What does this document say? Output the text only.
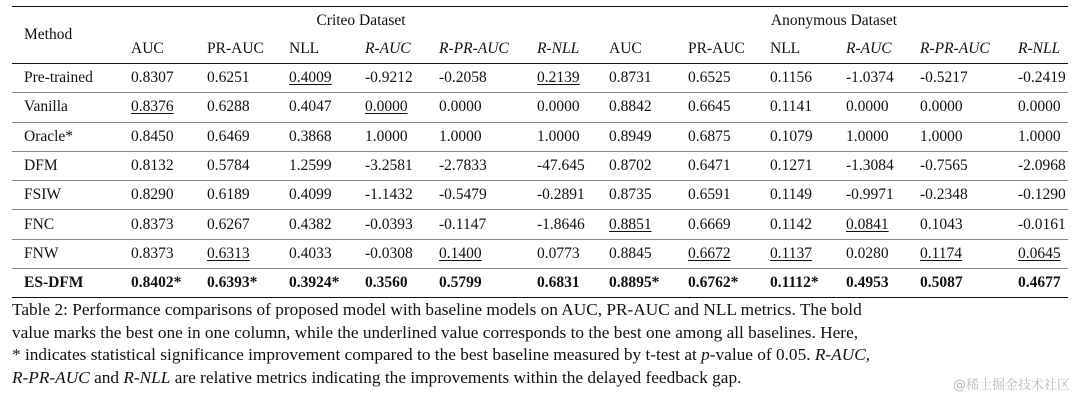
Method	Criteo Dataset						Anonymous Dataset					
	AUC	PR-AUC	NLL	R-AUC	R-PR-AUC	R-NLL	AUC	PR-AUC	NLL	R-AUC	R-PR-AUC	R-NLL
Pre-trained	0.8307	0.6251	0.4009	-0.9212	-0.2058	0.2139	0.8731	0.6525	0.1156	-1.0374	-0.5217	-0.2419
Vanilla	0.8376	0.6288	0.4047	0.0000	0.0000	0.0000	0.8842	0.6645	0.1141	0.0000	0.0000	0.0000
Oracle*	0.8450	0.6469	0.3868	1.0000	1.0000	1.0000	0.8949	0.6875	0.1079	1.0000	1.0000	1.0000
DFM	0.8132	0.5784	1.2599	-3.2581	-2.7833	-47.645	0.8702	0.6471	0.1271	-1.3084	-0.7565	-2.0968
FSIW	0.8290	0.6189	0.4099	-1.1432	-0.5479	-0.2891	0.8735	0.6591	0.1149	-0.9971	-0.2348	-0.1290
FNC	0.8373	0.6267	0.4382	-0.0393	-0.1147	-1.8646	0.8851	0.6669	0.1142	0.0841	0.1043	-0.0161
FNW	0.8373	0.6313	0.4033	-0.0308	0.1400	0.0773	0.8845	0.6672	0.1137	0.0280	0.1174	0.0645
ES-DFM	0.8402*	0.6393*	0.3924*	0.3560	0.5799	0.6831	0.8895*	0.6762*	0.1112*	0.4953	0.5087	0.4677

Table 2: Performance comparisons of proposed model with baseline models on AUC, PR-AUC and NLL metrics. The bold
value marks the best one in one column, while the underlined value corresponds to the best one among all baselines. Here,
* indicates statistical significance improvement compared to the best baseline measured by t-test at p-value of 0.05. R-AUC,
R-PR-AUC and R-NLL are relative metrics indicating the improvements within the delayed feedback gap.	@稀土掘金技术社区
